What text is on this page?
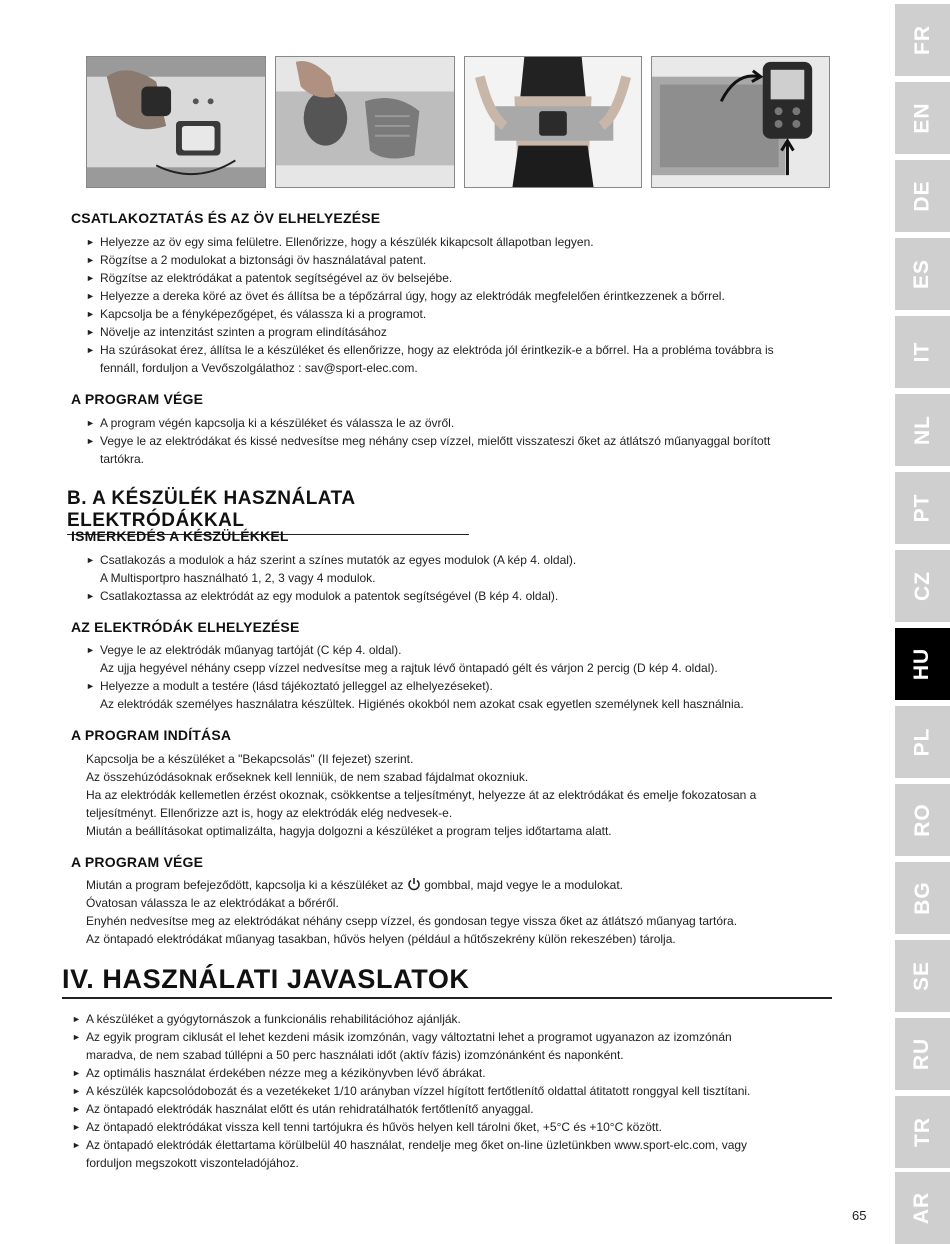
FR
EN
DE
ES
IT
NL
PT
CZ
HU
PL
RO
BG
SE
RU
TR
AR
CSATLAKOZTATÁS ÉS AZ ÖV ELHELYEZÉSE
► Helyezze az öv egy sima felületre. Ellenőrizze, hogy a készülék kikapcsolt állapotban legyen.
► Rögzítse a 2 modulokat a biztonsági öv használatával patent.
► Rögzítse az elektródákat a patentok segítségével az öv belsejébe.
► Helyezze a dereka köré az övet és állítsa be a tépőzárral úgy, hogy az elektródák megfelelően érintkezzenek a bőrrel.
► Kapcsolja be a fényképezőgépet, és válassza ki a programot.
► Növelje az intenzitást szinten a program elindításához
► Ha szúrásokat érez, állítsa le a készüléket és ellenőrizze, hogy az elektróda jól érintkezik-e a bőrrel. Ha a probléma továbbra is
fennáll, forduljon a Vevőszolgálathoz : sav@sport-elec.com.
A PROGRAM VÉGE
► A program végén kapcsolja ki a készüléket és válassza le az övről.
► Vegye le az elektródákat és kissé nedvesítse meg néhány csep vízzel, mielőtt visszateszi őket az átlátszó műanyaggal borított
tartókra.
B. A KÉSZÜLÉK HASZNÁLATA ELEKTRÓDÁKKAL
ISMERKEDÉS A KÉSZÜLÉKKEL
► Csatlakozás a modulok a ház szerint a színes mutatók az egyes modulok (A kép 4. oldal).
A Multisportpro használható 1, 2, 3 vagy 4 modulok.
► Csatlakoztassa az elektródát az egy modulok a patentok segítségével (B kép 4. oldal).
AZ ELEKTRÓDÁK ELHELYEZÉSE
► Vegye le az elektródák műanyag tartóját (C kép 4. oldal).
Az ujja hegyével néhány csepp vízzel nedvesítse meg a rajtuk lévő öntapadó gélt és várjon 2 percig (D kép 4. oldal).
► Helyezze a modult a testére (lásd tájékoztató jelleggel az elhelyezéseket).
Az elektródák személyes használatra készültek. Higiénés okokból nem azokat csak egyetlen személynek kell használnia.
A PROGRAM INDÍTÁSA
Kapcsolja be a készüléket a "Bekapcsolás" (II fejezet) szerint.
Az összehúzódásoknak erőseknek kell lenniük, de nem szabad fájdalmat okozniuk.
Ha az elektródák kellemetlen érzést okoznak, csökkentse a teljesítményt, helyezze át az elektródákat és emelje fokozatosan a
teljesítményt. Ellenőrizze azt is, hogy az elektródák elég nedvesek-e.
Miután a beállításokat optimalizálta, hagyja dolgozni a készüléket a program teljes időtartama alatt.
A PROGRAM VÉGE
Miután a program befejeződött, kapcsolja ki a készüléket az gombbal, majd vegye le a modulokat.
Óvatosan válassza le az elektródákat a bőréről.
Enyhén nedvesítse meg az elektródákat néhány csepp vízzel, és gondosan tegye vissza őket az átlátszó műanyag tartóra.
Az öntapadó elektródákat műanyag tasakban, hűvös helyen (például a hűtőszekrény külön rekeszében) tárolja.
IV. HASZNÁLATI JAVASLATOK
► A készüléket a gyógytornászok a funkcionális rehabilitációhoz ajánlják.
► Az egyik program ciklusát el lehet kezdeni másik izomzónán, vagy változtatni lehet a programot ugyanazon az izomzónán
maradva, de nem szabad túllépni a 50 perc használati időt (aktív fázis) izomzónánként és naponként.
► Az optimális használat érdekében nézze meg a kézikönyvben lévő ábrákat.
► A készülék kapcsolódobozát és a vezetékeket 1/10 arányban vízzel hígított fertőtlenítő oldattal átitatott ronggyal kell tisztítani.
► Az öntapadó elektródák használat előtt és után rehidratálhatók fertőtlenítő anyaggal.
► Az öntapadó elektródákat vissza kell tenni tartójukra és hűvös helyen kell tárolni őket, +5°C és +10°C között.
► Az öntapadó elektródák élettartama körülbelül 40 használat, rendelje meg őket on-line üzletünkben www.sport-elc.com, vagy
forduljon megszokott viszonteladójához.
65
